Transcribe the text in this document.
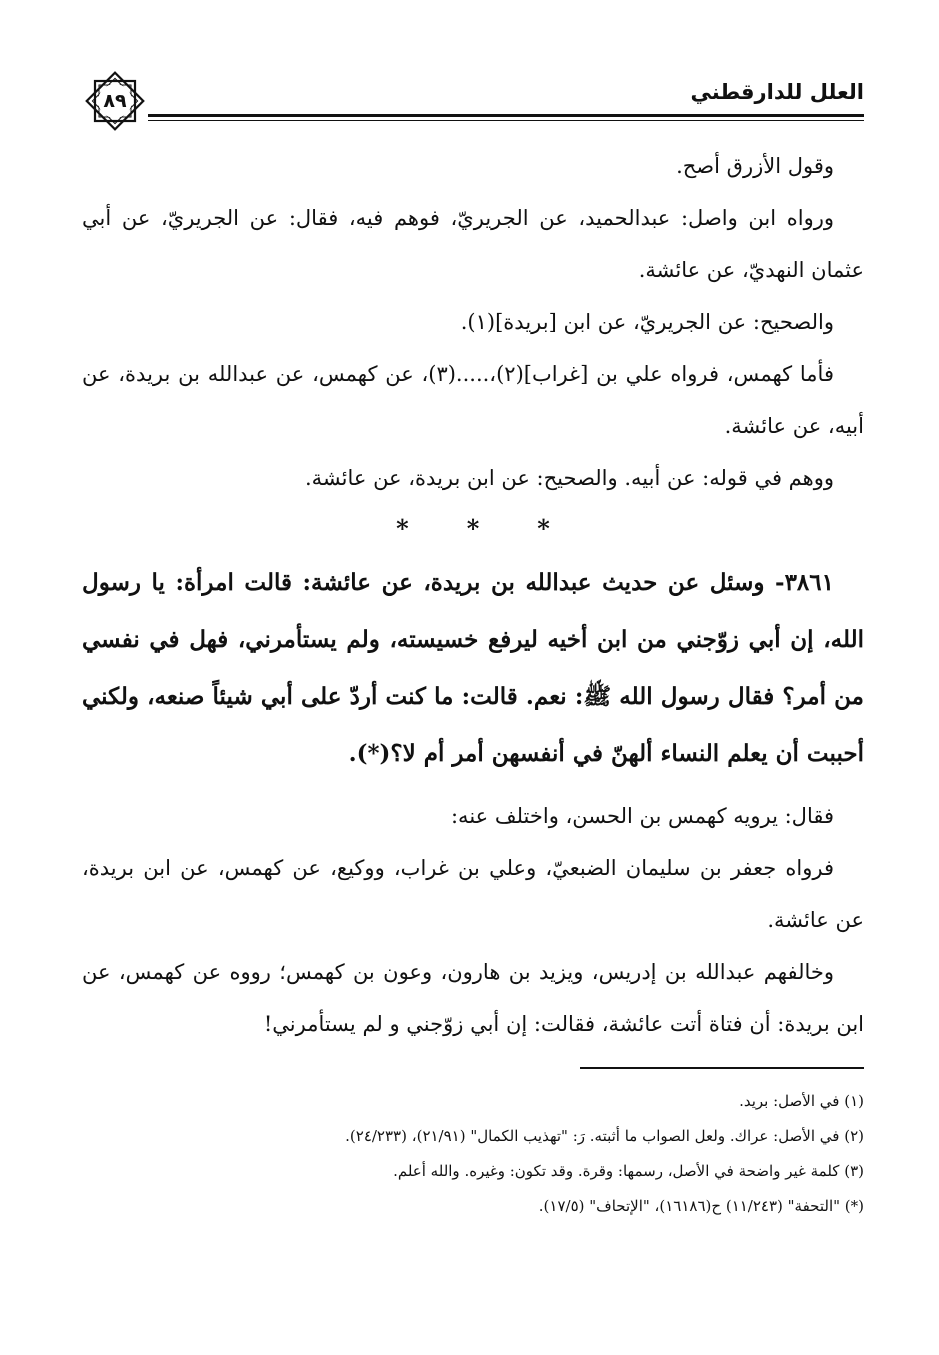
٨٩	العلل للدارقطني

وقول الأزرق أصح.

ورواه ابن واصل: عبدالحميد، عن الجريريّ، فوهم فيه، فقال: عن الجريريّ، عن أبي عثمان النهديّ، عن عائشة.

والصحيح: عن الجريريّ، عن ابن [بريدة](١).

فأما كهمس، فرواه علي بن [غراب](٢)،.....(٣)، عن كهمس، عن عبدالله بن بريدة، عن أبيه، عن عائشة.

ووهم في قوله: عن أبيه. والصحيح: عن ابن بريدة، عن عائشة.

***

٣٨٦١- وسئل عن حديث عبدالله بن بريدة، عن عائشة: قالت امرأة: يا رسول الله، إن أبي زوّجني من ابن أخيه ليرفع خسيسته، ولم يستأمرني، فهل في نفسي من أمر؟ فقال رسول الله ﷺ: نعم. قالت: ما كنت أردّ على أبي شيئاً صنعه، ولكني أحببت أن يعلم النساء ألهنّ في أنفسهن أمر أم لا؟(*).

فقال: يرويه كهمس بن الحسن، واختلف عنه:

فرواه جعفر بن سليمان الضبعيّ، وعلي بن غراب، ووكيع، عن كهمس، عن ابن بريدة، عن عائشة.

وخالفهم عبدالله بن إدريس، ويزيد بن هارون، وعون بن كهمس؛ رووه عن كهمس، عن ابن بريدة: أن فتاة أتت عائشة، فقالت: إن أبي زوّجني و لم يستأمرني!

(١) في الأصل: بريد.

(٢) في الأصل: عراك. ولعل الصواب ما أثبته. رَ: "تهذيب الكمال" (٢١/٩١)، (٢٤/٢٣٣).

(٣) كلمة غير واضحة في الأصل، رسمها: وقرة. وقد تكون: وغيره. والله أعلم.

(*) "التحفة" (١١/٢٤٣) ح(١٦١٨٦)، "الإتحاف" (١٧/٥).
